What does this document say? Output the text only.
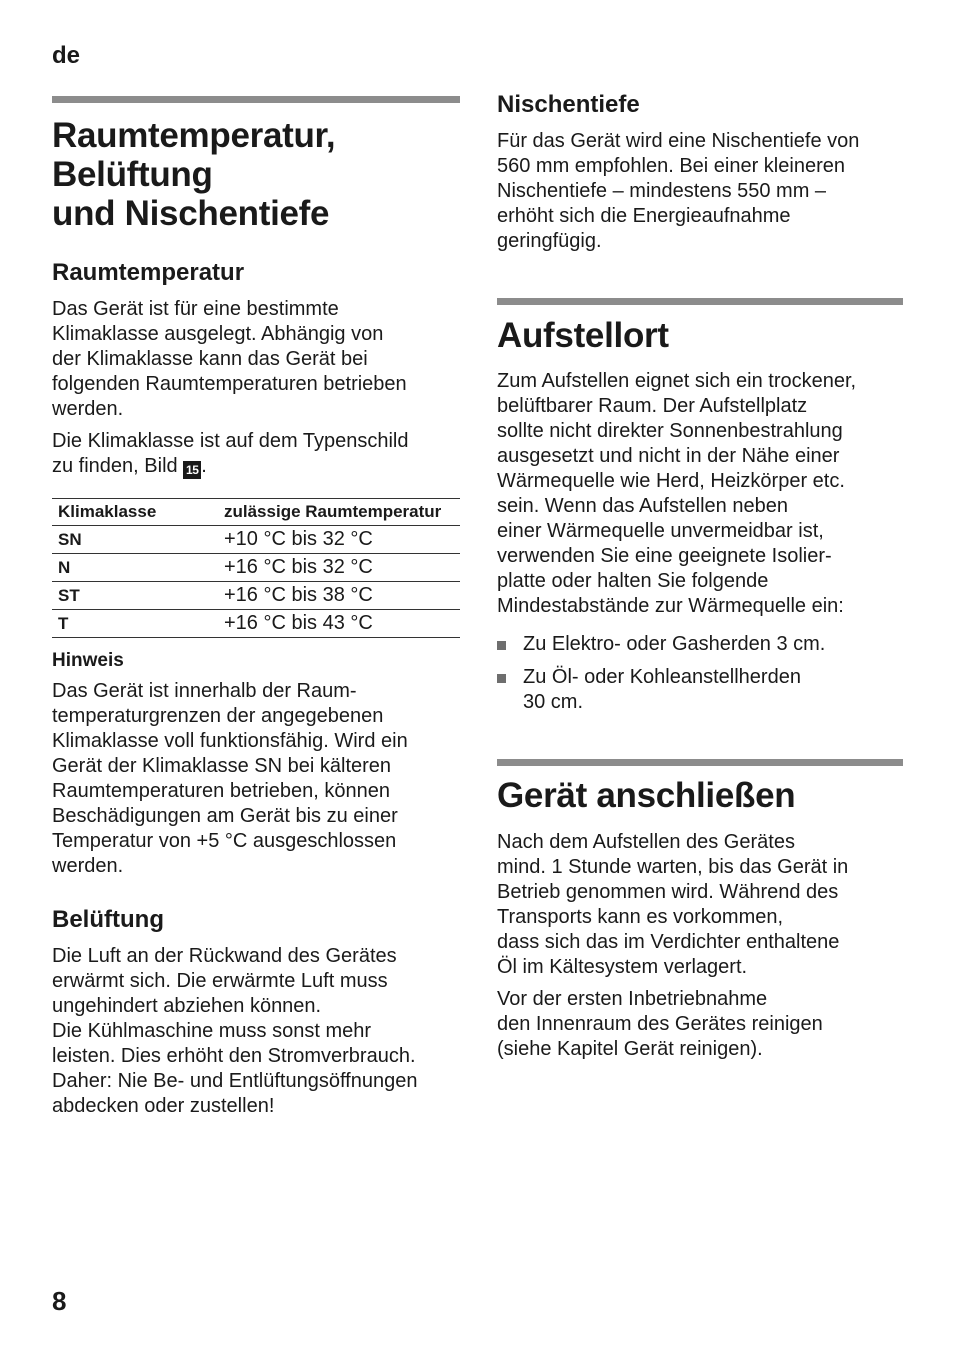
de
Raumtemperatur,
Belüftung
und Nischentiefe
Raumtemperatur

Das Gerät ist für eine bestimmte
Klimaklasse ausgelegt. Abhängig von
der Klimaklasse kann das Gerät bei
folgenden Raumtemperaturen betrieben
werden.

Die Klimaklasse ist auf dem Typenschild
zu finden, Bild 15 .

Klimaklasse	zulässige Raumtemperatur
SN	+10 °C bis 32 °C
N	+16 °C bis 32 °C
ST	+16 °C bis 38 °C
T	+16 °C bis 43 °C
Hinweis

Das Gerät ist innerhalb der Raum-
temperaturgrenzen der angegebenen
Klimaklasse voll funktionsfähig. Wird ein
Gerät der Klimaklasse SN bei kälteren
Raumtemperaturen betrieben, können
Beschädigungen am Gerät bis zu einer
Temperatur von +5 °C ausgeschlossen
werden.

Belüftung

Die Luft an der Rückwand des Gerätes
erwärmt sich. Die erwärmte Luft muss
ungehindert abziehen können.
Die Kühlmaschine muss sonst mehr
leisten. Dies erhöht den Stromverbrauch.
Daher: Nie Be- und Entlüftungsöffnungen
abdecken oder zustellen!

Nischentiefe

Für das Gerät wird eine Nischentiefe von
560 mm empfohlen. Bei einer kleineren
Nischentiefe – mindestens 550 mm –
erhöht sich die Energieaufnahme
geringfügig.

Aufstellort

Zum Aufstellen eignet sich ein trockener,
belüftbarer Raum. Der Aufstellplatz
sollte nicht direkter Sonnenbestrahlung
ausgesetzt und nicht in der Nähe einer
Wärmequelle wie Herd, Heizkörper etc.
sein. Wenn das Aufstellen neben
einer Wärmequelle unvermeidbar ist,
verwenden Sie eine geeignete Isolier-
platte oder halten Sie folgende
Mindestabstände zur Wärmequelle ein:

Zu Elektro- oder Gasherden 3 cm.
Zu Öl- oder Kohleanstellherden
30 cm.
Gerät anschließen

Nach dem Aufstellen des Gerätes
mind. 1 Stunde warten, bis das Gerät in
Betrieb genommen wird. Während des
Transports kann es vorkommen,
dass sich das im Verdichter enthaltene
Öl im Kältesystem verlagert.

Vor der ersten Inbetriebnahme
den Innenraum des Gerätes reinigen
(siehe Kapitel Gerät reinigen).

8
